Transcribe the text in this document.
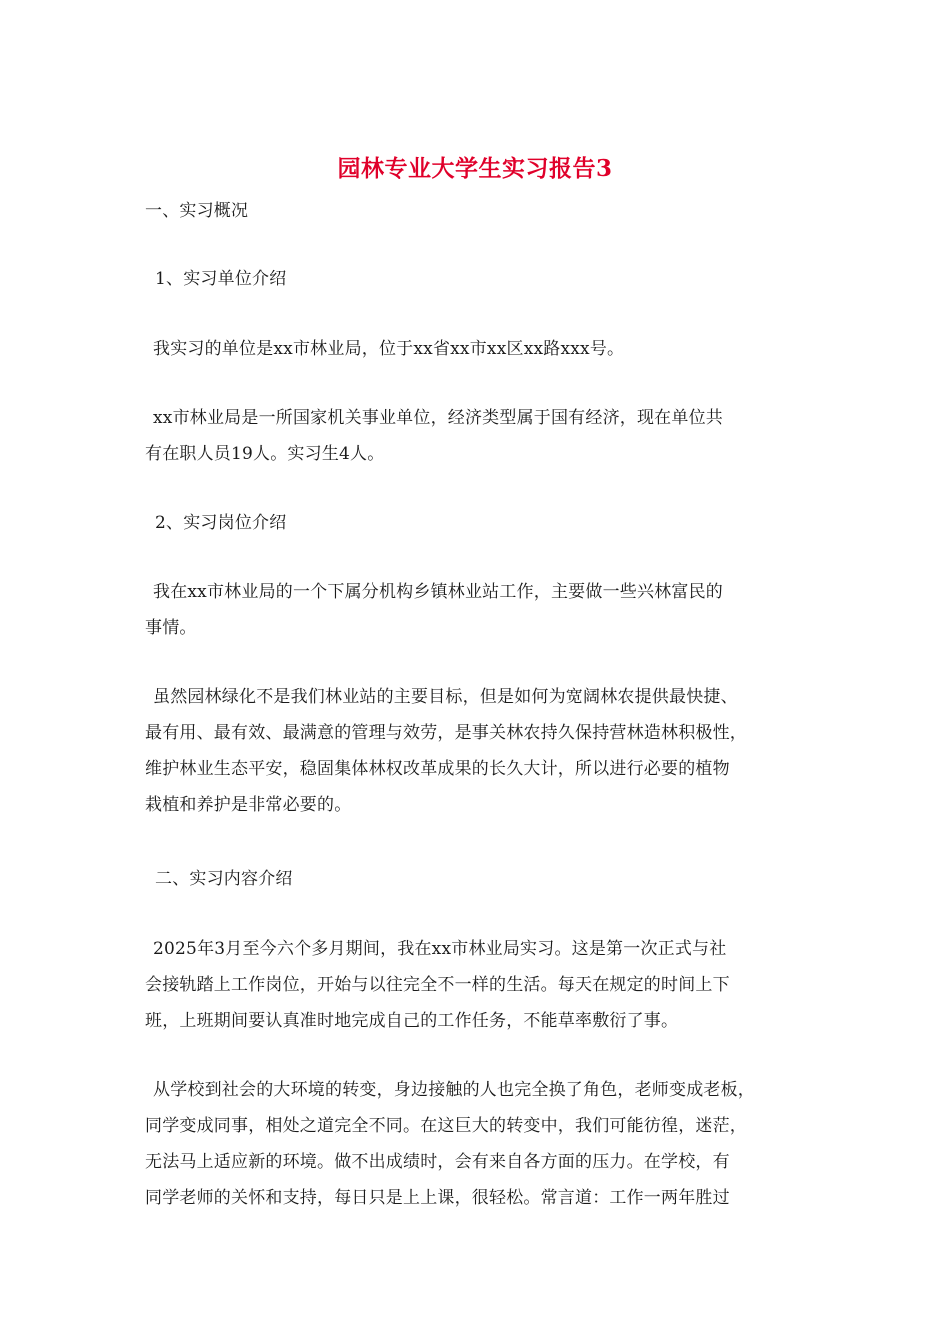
园林专业大学生实习报告3
一、实习概况
1、实习单位介绍
我实习的单位是xx市林业局，位于xx省xx市xx区xx路xxx号。
xx市林业局是一所国家机关事业单位，经济类型属于国有经济，现在单位共
有在职人员19人。实习生4人。
2、实习岗位介绍
我在xx市林业局的一个下属分机构乡镇林业站工作，主要做一些兴林富民的
事情。
虽然园林绿化不是我们林业站的主要目标，但是如何为宽阔林农提供最快捷、
最有用、最有效、最满意的管理与效劳，是事关林农持久保持营林造林积极性，
维护林业生态平安，稳固集体林权改革成果的长久大计，所以进行必要的植物
栽植和养护是非常必要的。
二、实习内容介绍
2025年3月至今六个多月期间，我在xx市林业局实习。这是第一次正式与社
会接轨踏上工作岗位，开始与以往完全不一样的生活。每天在规定的时间上下
班，上班期间要认真准时地完成自己的工作任务，不能草率敷衍了事。
从学校到社会的大环境的转变，身边接触的人也完全换了角色，老师变成老板，
同学变成同事，相处之道完全不同。在这巨大的转变中，我们可能彷徨，迷茫，
无法马上适应新的环境。做不出成绩时，会有来自各方面的压力。在学校，有
同学老师的关怀和支持，每日只是上上课，很轻松。常言道：工作一两年胜过
